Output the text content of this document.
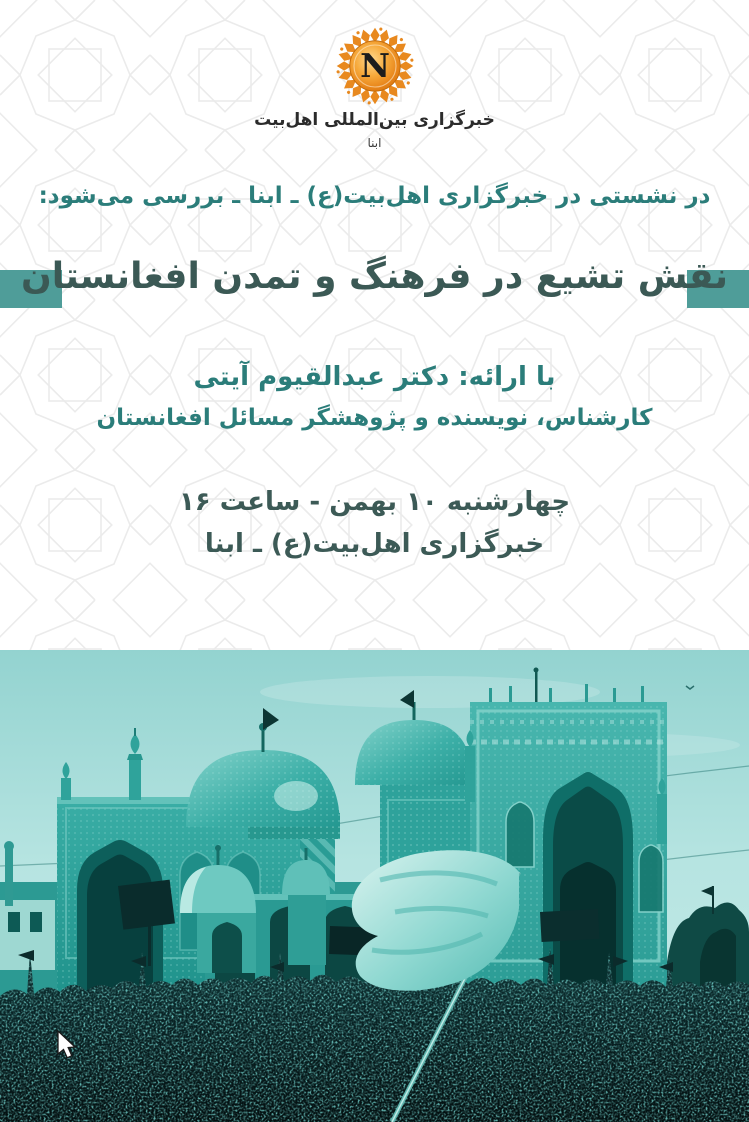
N
خبرگزاری بین‌المللی اهل‌بیت
ابنا
در نشستی در خبرگزاری اهل‌بیت(ع) ـ ابنا ـ بررسی می‌شود:
نقش تشیع در فرهنگ و تمدن افغانستان
با ارائه: دکتر عبدالقیوم آیتی
کارشناس، نویسنده و پژوهشگر مسائل افغانستان
چهارشنبه ۱۰ بهمن - ساعت ۱۶
خبرگزاری اهل‌بیت(ع) ـ ابنا
